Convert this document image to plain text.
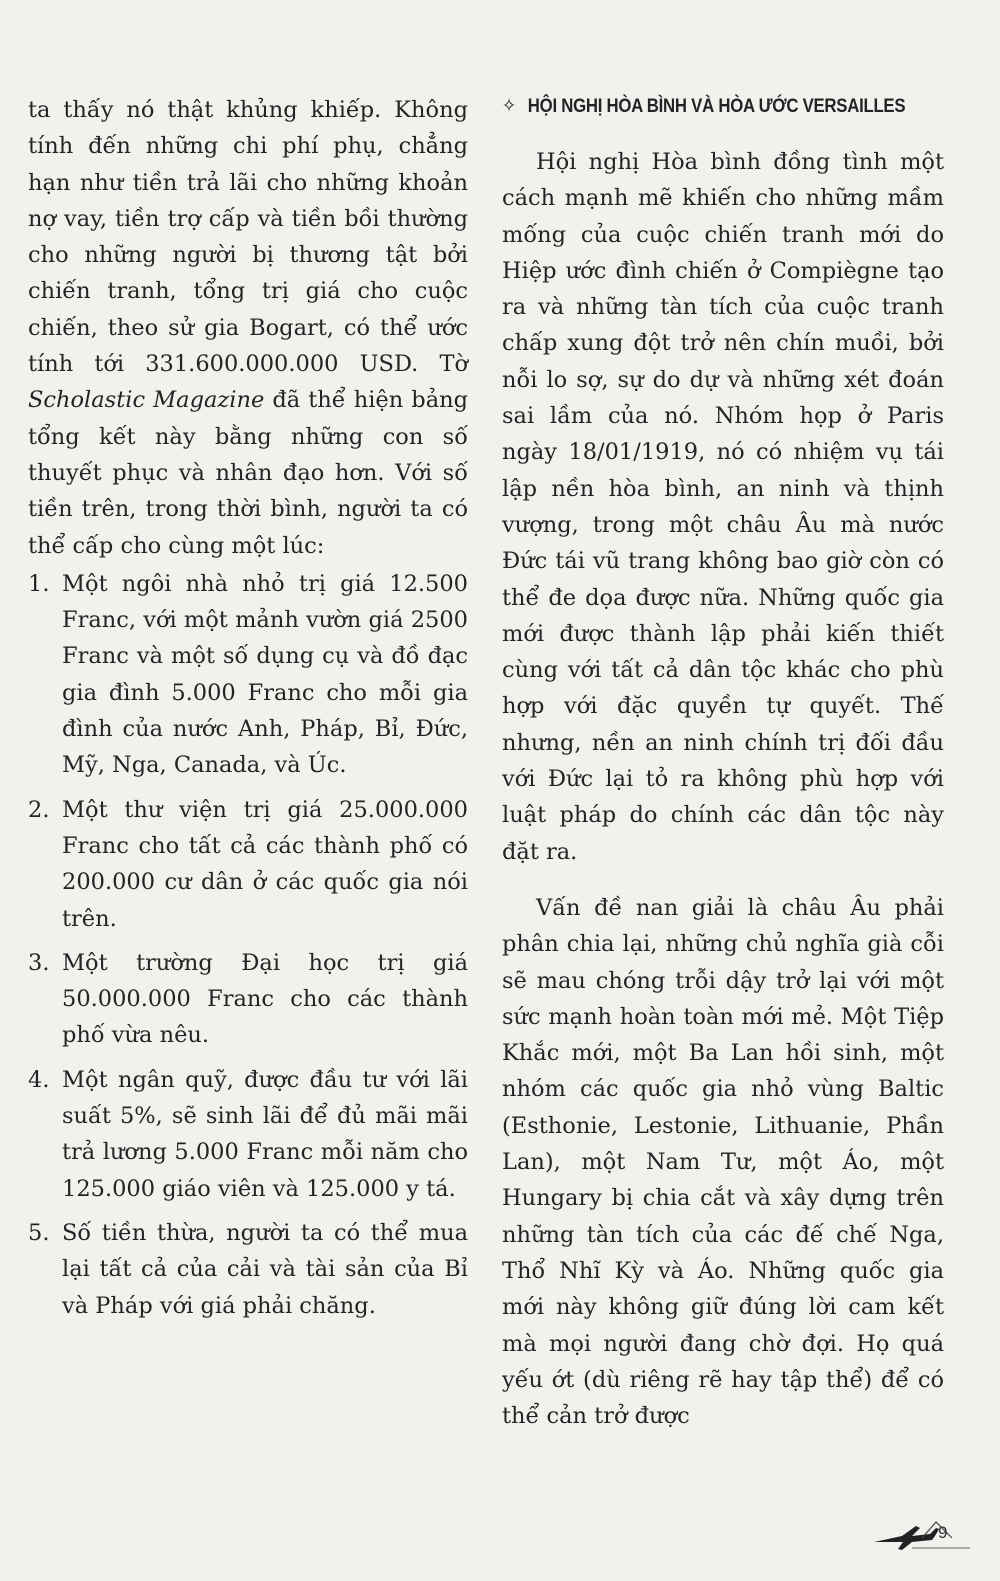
ta thấy nó thật khủng khiếp. Không tính đến những chi phí phụ, chẳng hạn như tiền trả lãi cho những khoản nợ vay, tiền trợ cấp và tiền bồi thường cho những người bị thương tật bởi chiến tranh, tổng trị giá cho cuộc chiến, theo sử gia Bogart, có thể ước tính tới 331.600.000.000 USD. Tờ Scholastic Magazine đã thể hiện bảng tổng kết này bằng những con số thuyết phục và nhân đạo hơn. Với số tiền trên, trong thời bình, người ta có thể cấp cho cùng một lúc:

1. Một ngôi nhà nhỏ trị giá 12.500 Franc, với một mảnh vườn giá 2500 Franc và một số dụng cụ và đồ đạc gia đình 5.000 Franc cho mỗi gia đình của nước Anh, Pháp, Bỉ, Đức, Mỹ, Nga, Canada, và Úc.
2. Một thư viện trị giá 25.000.000 Franc cho tất cả các thành phố có 200.000 cư dân ở các quốc gia nói trên.
3. Một trường Đại học trị giá 50.000.000 Franc cho các thành phố vừa nêu.
4. Một ngân quỹ, được đầu tư với lãi suất 5%, sẽ sinh lãi để đủ mãi mãi trả lương 5.000 Franc mỗi năm cho 125.000 giáo viên và 125.000 y tá.
5. Số tiền thừa, người ta có thể mua lại tất cả của cải và tài sản của Bỉ và Pháp với giá phải chăng.
✧ HỘI NGHỊ HÒA BÌNH VÀ HÒA ƯỚC VERSAILLES

Hội nghị Hòa bình đồng tình một cách mạnh mẽ khiến cho những mầm mống của cuộc chiến tranh mới do Hiệp ước đình chiến ở Compiègne tạo ra và những tàn tích của cuộc tranh chấp xung đột trở nên chín muồi, bởi nỗi lo sợ, sự do dự và những xét đoán sai lầm của nó. Nhóm họp ở Paris ngày 18/01/1919, nó có nhiệm vụ tái lập nền hòa bình, an ninh và thịnh vượng, trong một châu Âu mà nước Đức tái vũ trang không bao giờ còn có thể đe dọa được nữa. Những quốc gia mới được thành lập phải kiến thiết cùng với tất cả dân tộc khác cho phù hợp với đặc quyền tự quyết. Thế nhưng, nền an ninh chính trị đối đầu với Đức lại tỏ ra không phù hợp với luật pháp do chính các dân tộc này đặt ra.

Vấn đề nan giải là châu Âu phải phân chia lại, những chủ nghĩa già cỗi sẽ mau chóng trỗi dậy trở lại với một sức mạnh hoàn toàn mới mẻ. Một Tiệp Khắc mới, một Ba Lan hồi sinh, một nhóm các quốc gia nhỏ vùng Baltic (Esthonie, Lestonie, Lithuanie, Phần Lan), một Nam Tư, một Áo, một Hungary bị chia cắt và xây dựng trên những tàn tích của các đế chế Nga, Thổ Nhĩ Kỳ và Áo. Những quốc gia mới này không giữ đúng lời cam kết mà mọi người đang chờ đợi. Họ quá yếu ớt (dù riêng rẽ hay tập thể) để có thể cản trở được

9
